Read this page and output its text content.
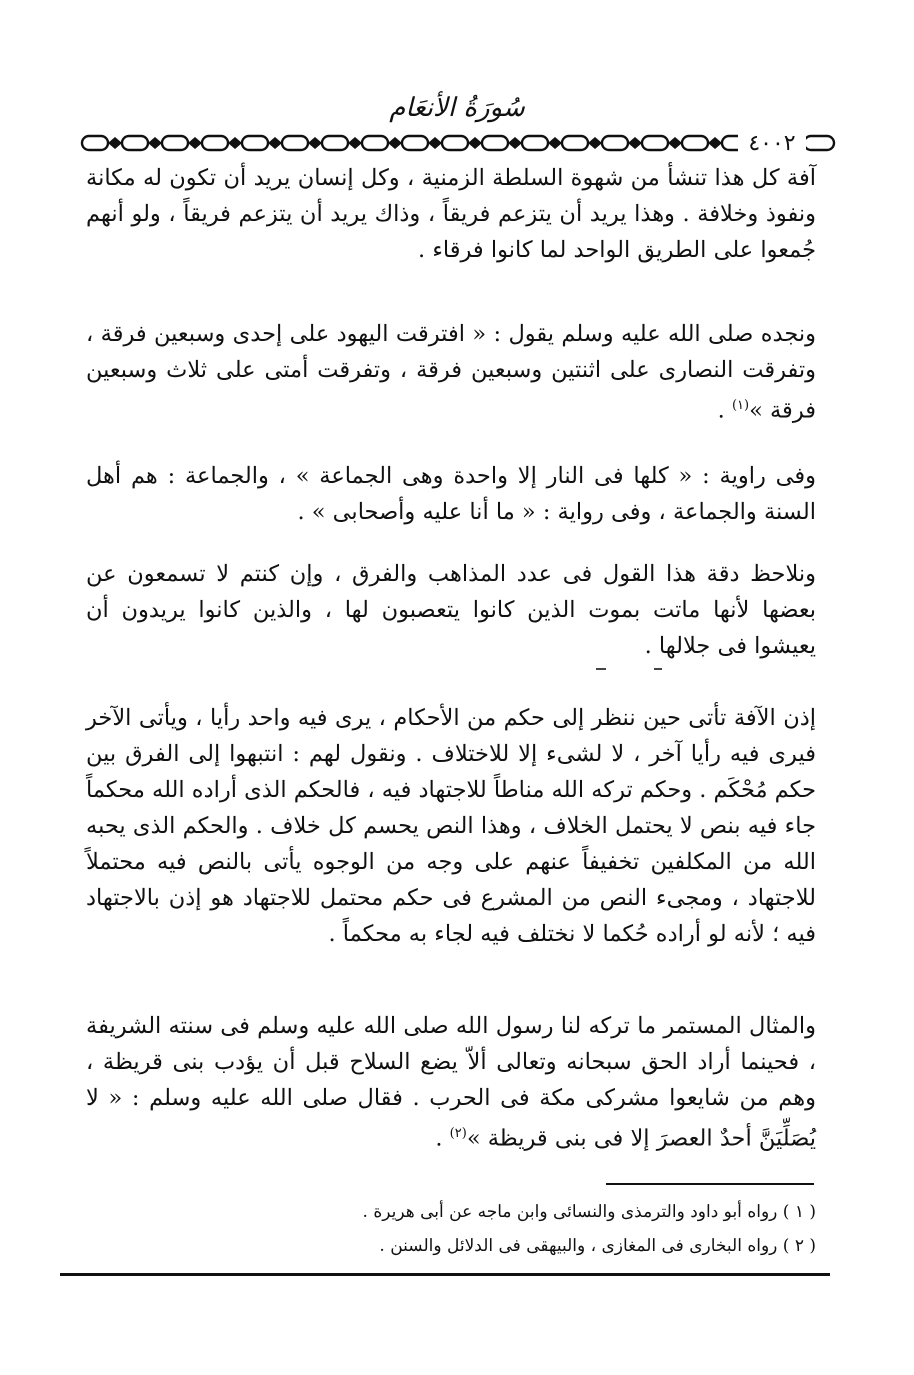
سُورَةُ الأنعَام
٤٠٠٢

آفة كل هذا تنشأ من شهوة السلطة الزمنية ، وكل إنسان يريد أن تكون له مكانة ونفوذ وخلافة . وهذا يريد أن يتزعم فريقاً ، وذاك يريد أن يتزعم فريقاً ، ولو أنهم جُمعوا على الطريق الواحد لما كانوا فرقاء .

ونجده صلى الله عليه وسلم يقول : « افترقت اليهود على إحدى وسبعين فرقة ، وتفرقت النصارى على اثنتين وسبعين فرقة ، وتفرقت أمتى على ثلاث وسبعين فرقة »$^{(١)}$ .

وفى راوية : « كلها فى النار إلا واحدة وهى الجماعة » ، والجماعة : هم أهل السنة والجماعة ، وفى رواية : « ما أنا عليه وأصحابى » .

ونلاحظ دقة هذا القول فى عدد المذاهب والفرق ، وإن كنتم لا تسمعون عن بعضها لأنها ماتت بموت الذين كانوا يتعصبون لها ، والذين كانوا يريدون أن يعيشوا فى جلالها .

إذن الآفة تأتى حين ننظر إلى حكم من الأحكام ، يرى فيه واحد رأيا ، ويأتى الآخر فيرى فيه رأيا آخر ، لا لشىء إلا للاختلاف . ونقول لهم : انتبهوا إلى الفرق بين حكم مُحْكَم . وحكم تركه الله مناطاً للاجتهاد فيه ، فالحكم الذى أراده الله محكماً جاء فيه بنص لا يحتمل الخلاف ، وهذا النص يحسم كل خلاف . والحكم الذى يحبه الله من المكلفين تخفيفاً عنهم على وجه من الوجوه يأتى بالنص فيه محتملاً للاجتهاد ، ومجىء النص من المشرع فى حكم محتمل للاجتهاد هو إذن بالاجتهاد فيه ؛ لأنه لو أراده حُكما لا نختلف فيه لجاء به محكماً .

والمثال المستمر ما تركه لنا رسول الله صلى الله عليه وسلم فى سنته الشريفة ، فحينما أراد الحق سبحانه وتعالى ألاّ يضع السلاح قبل أن يؤدب بنى قريظة ، وهم من شايعوا مشركى مكة فى الحرب . فقال صلى الله عليه وسلم : « لا يُصَلِّيَنَّ أحدٌ العصرَ إلا فى بنى قريظة »$^{(٢)}$ .

( ١ ) رواه أبو داود والترمذى والنسائى وابن ماجه عن أبى هريرة .

( ٢ ) رواه البخارى فى المغازى ، والبيهقى فى الدلائل والسنن .
